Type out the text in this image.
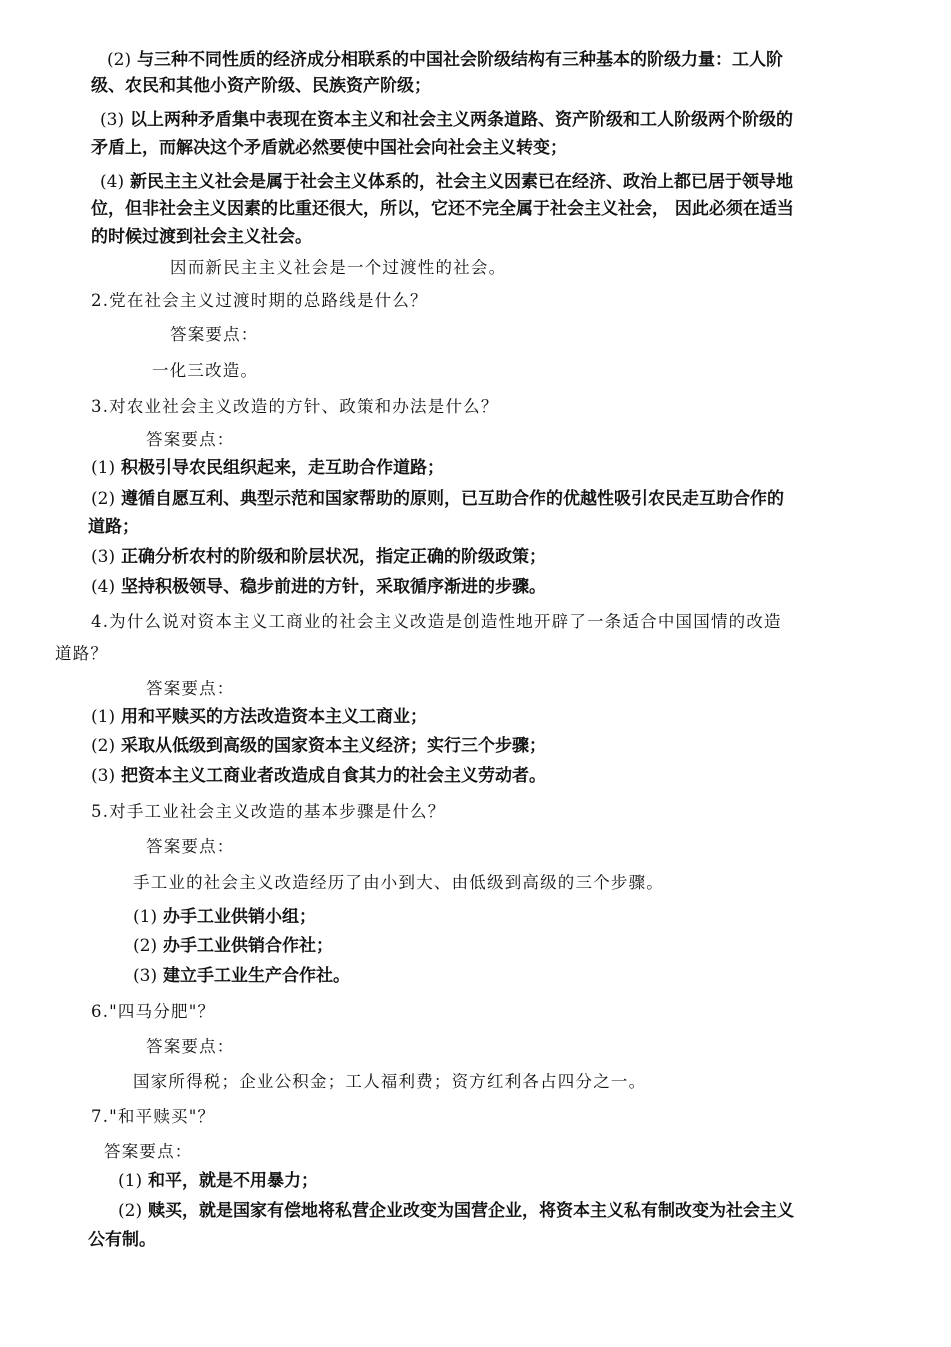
(2) 与三种不同性质的经济成分相联系的中国社会阶级结构有三种基本的阶级力量：工人阶
级、农民和其他小资产阶级、民族资产阶级；
(3) 以上两种矛盾集中表现在资本主义和社会主义两条道路、资产阶级和工人阶级两个阶级的
矛盾上，而解决这个矛盾就必然要使中国社会向社会主义转变；
(4) 新民主主义社会是属于社会主义体系的，社会主义因素已在经济、政治上都已居于领导地
位，但非社会主义因素的比重还很大，所以，它还不完全属于社会主义社会， 因此必须在适当
的时候过渡到社会主义社会。
因而新民主主义社会是一个过渡性的社会。
2.党在社会主义过渡时期的总路线是什么？
答案要点：
一化三改造。
3.对农业社会主义改造的方针、政策和办法是什么？
答案要点：
(1) 积极引导农民组织起来，走互助合作道路；
(2) 遵循自愿互利、典型示范和国家帮助的原则，已互助合作的优越性吸引农民走互助合作的
道路；
(3) 正确分析农村的阶级和阶层状况，指定正确的阶级政策；
(4) 坚持积极领导、稳步前进的方针，采取循序渐进的步骤。
4.为什么说对资本主义工商业的社会主义改造是创造性地开辟了一条适合中国国情的改造
道路？
答案要点：
(1) 用和平赎买的方法改造资本主义工商业；
(2) 采取从低级到高级的国家资本主义经济；实行三个步骤；
(3) 把资本主义工商业者改造成自食其力的社会主义劳动者。
5.对手工业社会主义改造的基本步骤是什么？
答案要点：
手工业的社会主义改造经历了由小到大、由低级到高级的三个步骤。
(1) 办手工业供销小组；
(2) 办手工业供销合作社；
(3) 建立手工业生产合作社。
6."四马分肥"？
答案要点：
国家所得税；企业公积金；工人福利费；资方红利各占四分之一。
7."和平赎买"？
答案要点：
(1) 和平，就是不用暴力；
(2) 赎买，就是国家有偿地将私营企业改变为国营企业，将资本主义私有制改变为社会主义
公有制。
